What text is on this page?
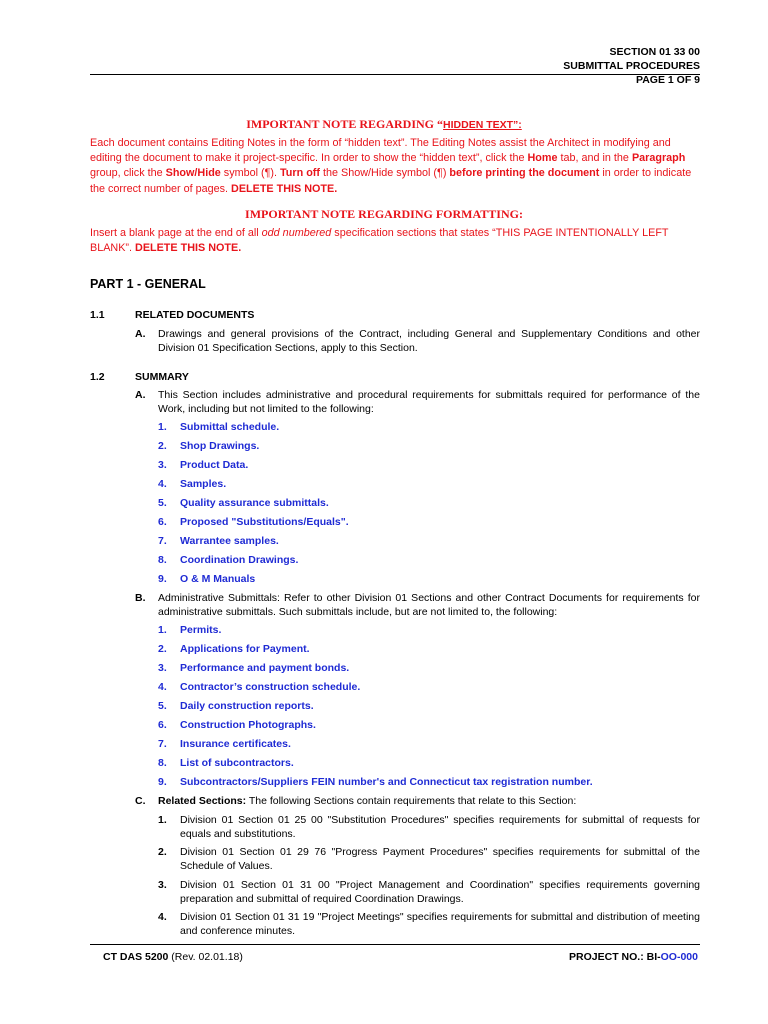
SECTION 01 33 00
SUBMITTAL PROCEDURES
PAGE 1 OF 9
IMPORTANT NOTE REGARDING “HIDDEN TEXT”:
Each document contains Editing Notes in the form of “hidden text”. The Editing Notes assist the Architect in modifying and editing the document to make it project-specific. In order to show the “hidden text”, click the Home tab, and in the Paragraph group, click the Show/Hide symbol (¶). Turn off the Show/Hide symbol (¶) before printing the document in order to indicate the correct number of pages. DELETE THIS NOTE.
IMPORTANT NOTE REGARDING FORMATTING:
Insert a blank page at the end of all odd numbered specification sections that states “THIS PAGE INTENTIONALLY LEFT BLANK”. DELETE THIS NOTE.
PART 1 - GENERAL
1.1	RELATED DOCUMENTS
A. Drawings and general provisions of the Contract, including General and Supplementary Conditions and other Division 01 Specification Sections, apply to this Section.
1.2	SUMMARY
A. This Section includes administrative and procedural requirements for submittals required for performance of the Work, including but not limited to the following:
1. Submittal schedule.
2. Shop Drawings.
3. Product Data.
4. Samples.
5. Quality assurance submittals.
6. Proposed "Substitutions/Equals".
7. Warrantee samples.
8. Coordination Drawings.
9. O & M Manuals
B. Administrative Submittals: Refer to other Division 01 Sections and other Contract Documents for requirements for administrative submittals. Such submittals include, but are not limited to, the following:
1. Permits.
2. Applications for Payment.
3. Performance and payment bonds.
4. Contractor’s construction schedule.
5. Daily construction reports.
6. Construction Photographs.
7. Insurance certificates.
8. List of subcontractors.
9. Subcontractors/Suppliers FEIN number's and Connecticut tax registration number.
C. Related Sections: The following Sections contain requirements that relate to this Section:
1. Division 01 Section 01 25 00 "Substitution Procedures" specifies requirements for submittal of requests for equals and substitutions.
2. Division 01 Section 01 29 76 "Progress Payment Procedures" specifies requirements for submittal of the Schedule of Values.
3. Division 01 Section 01 31 00 "Project Management and Coordination" specifies requirements governing preparation and submittal of required Coordination Drawings.
4. Division 01 Section 01 31 19 "Project Meetings" specifies requirements for submittal and distribution of meeting and conference minutes.
CT DAS 5200 (Rev. 02.01.18)	PROJECT NO.: BI-OO-000
